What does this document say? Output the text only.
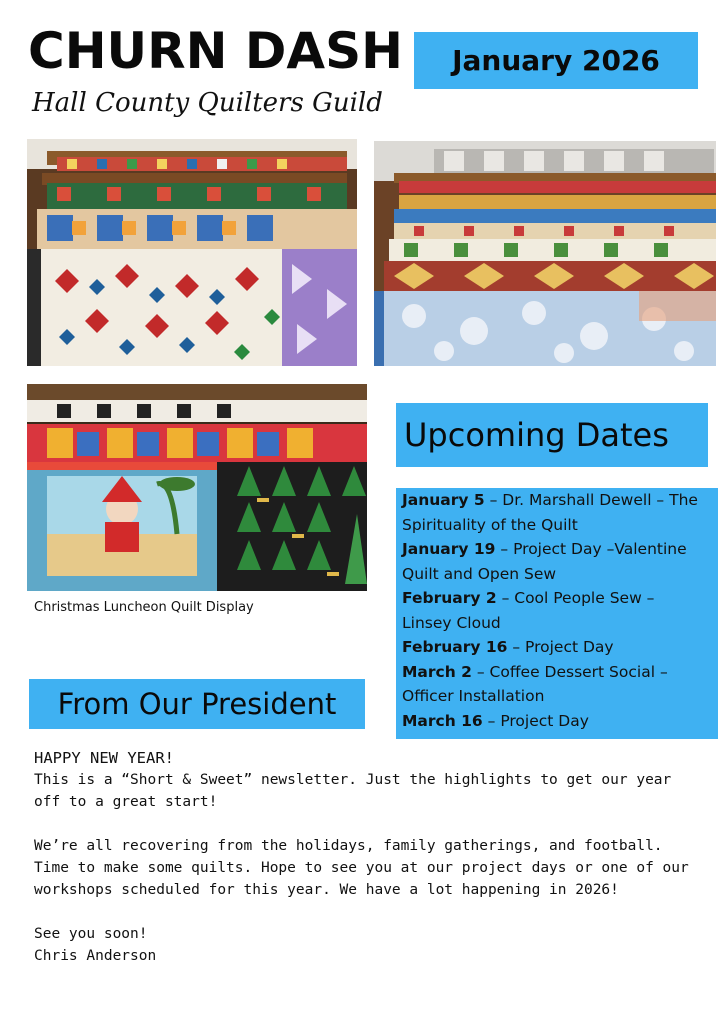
CHURN DASH
Hall County Quilters Guild
January 2026
Christmas Luncheon Quilt Display
Upcoming Dates
January 5 – Dr. Marshall Dewell – The Spirituality of the Quilt
January 19 – Project Day –Valentine Quilt and Open Sew
February 2 – Cool People Sew – Linsey Cloud
February 16 – Project Day
March 2 – Coffee Dessert Social – Officer Installation
March 16 – Project Day
From Our President
HAPPY NEW YEAR!
This is a “Short & Sweet” newsletter. Just the highlights to get our year off to a great start!
We’re all recovering from the holidays, family gatherings, and football. Time to make some quilts. Hope to see you at our project days or one of our workshops scheduled for this year. We have a lot happening in 2026!
See you soon!
Chris Anderson
